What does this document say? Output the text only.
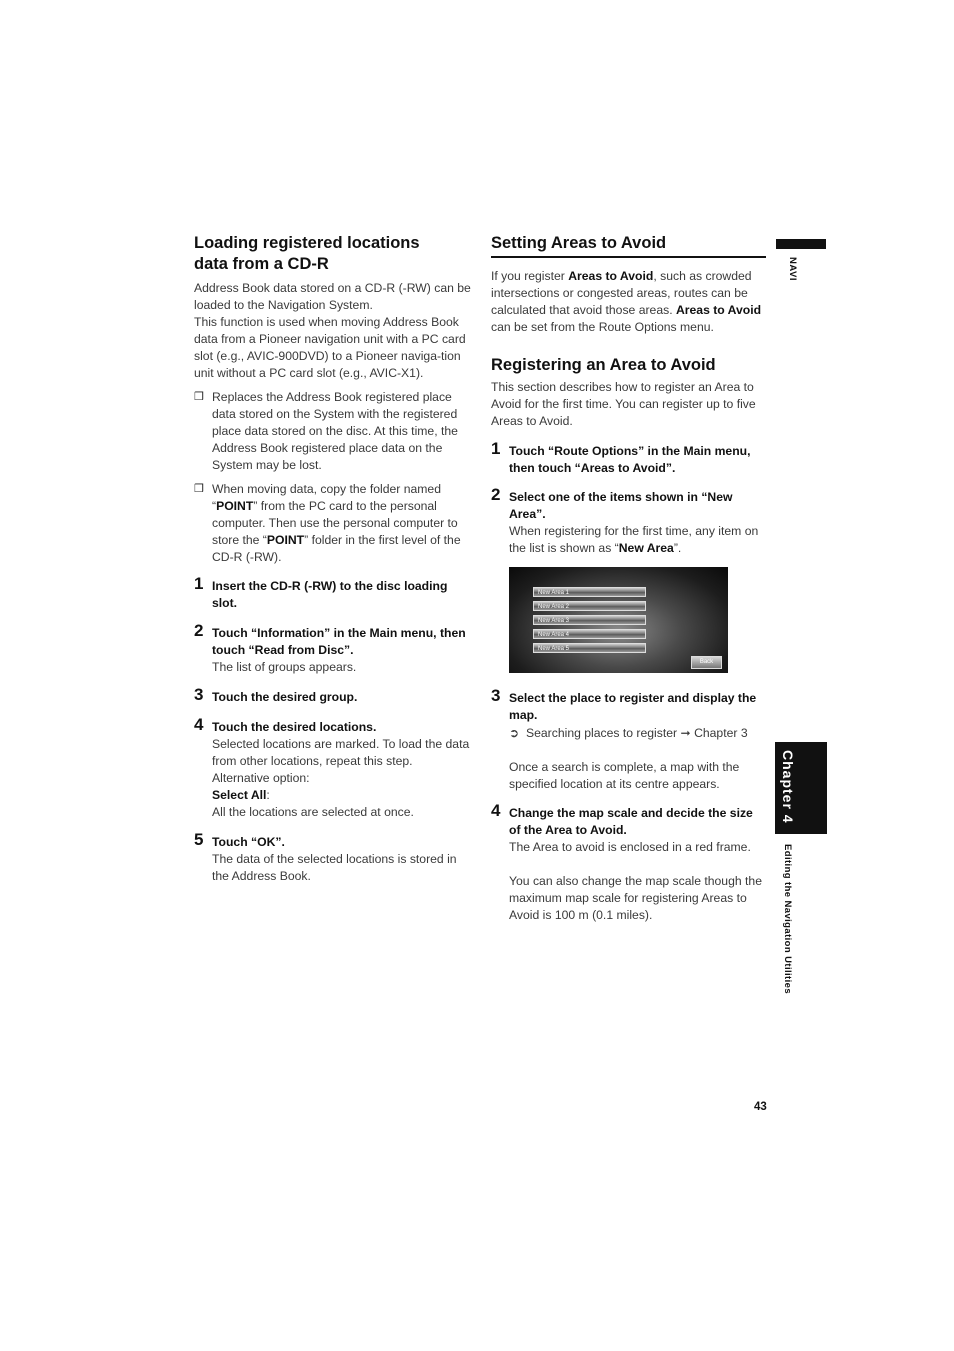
Loading registered locations
data from a CD-R

Address Book data stored on a CD-R (-RW) can be loaded to the Navigation System.

This function is used when moving Address Book data from a Pioneer navigation unit with a PC card slot (e.g., AVIC-900DVD) to a Pioneer naviga-tion unit without a PC card slot (e.g., AVIC-X1).

❒ Replaces the Address Book registered place data stored on the System with the registered place data stored on the disc. At this time, the Address Book registered place data on the System may be lost.
❒ When moving data, copy the folder named “POINT” from the PC card to the personal computer. Then use the personal computer to store the “POINT” folder in the first level of the CD-R (-RW).
1 Insert the CD-R (-RW) to the disc loading slot.
2 Touch “Information” in the Main menu, then touch “Read from Disc”.
The list of groups appears.
3 Touch the desired group.
4 Touch the desired locations.
Selected locations are marked. To load the data from other locations, repeat this step.
Alternative option:
Select All:
All the locations are selected at once.
5 Touch “OK”.
The data of the selected locations is stored in the Address Book.
Setting Areas to Avoid

If you register Areas to Avoid, such as crowded intersections or congested areas, routes can be calculated that avoid those areas. Areas to Avoid can be set from the Route Options menu.

Registering an Area to Avoid

This section describes how to register an Area to Avoid for the first time. You can register up to five Areas to Avoid.

1 Touch “Route Options” in the Main menu, then touch “Areas to Avoid”.
2 Select one of the items shown in “New Area”.
When registering for the first time, any item on the list is shown as “New Area”.
New Area 1
New Area 2
New Area 3
New Area 4
New Area 5
Back
3 Select the place to register and display the map.
➲ Searching places to register ➞ Chapter 3
Once a search is complete, a map with the specified location at its centre appears.
4 Change the map scale and decide the size of the Area to Avoid.
The Area to avoid is enclosed in a red frame.
You can also change the map scale though the maximum map scale for registering Areas to Avoid is 100 m (0.1 miles).
NAVI
Chapter 4
Editing the Navigation Utilities
43
